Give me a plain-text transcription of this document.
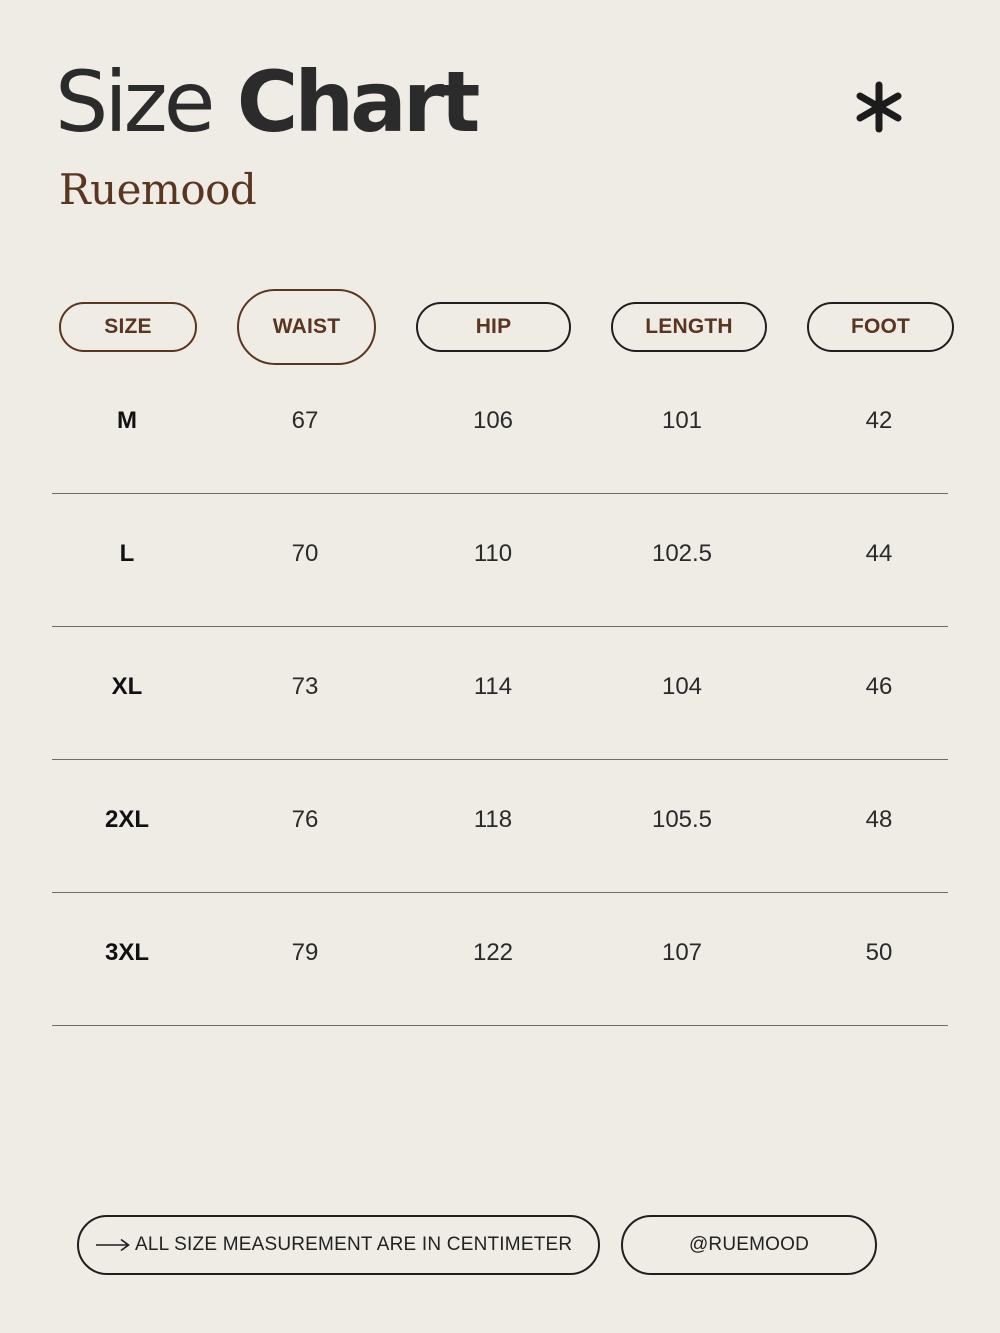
Size Chart

Ruemood

SIZE	WAIST	HIP	LENGTH	FOOT
M	67	106	101	42
L	70	110	102.5	44
XL	73	114	104	46
2XL	76	118	105.5	48
3XL	79	122	107	50
ALL SIZE MEASUREMENT ARE IN CENTIMETER	@RUEMOOD
